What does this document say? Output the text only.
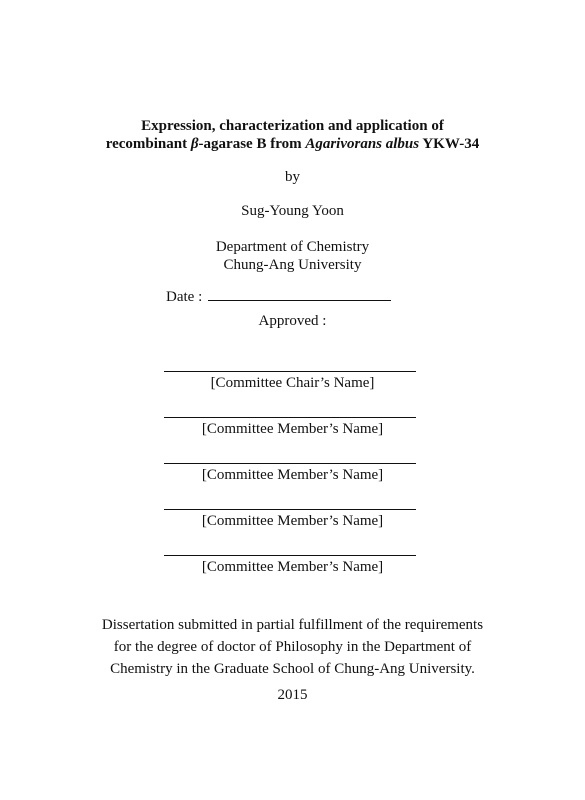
Expression, characterization and application of
recombinant β-agarase B from Agarivorans albus YKW-34
by
Sug-Young Yoon
Department of Chemistry
Chung-Ang University
Date :
Approved :
[Committee Chair’s Name]
[Committee Member’s Name]
[Committee Member’s Name]
[Committee Member’s Name]
[Committee Member’s Name]
Dissertation submitted in partial fulfillment of the requirements
for the degree of doctor of Philosophy in the Department of
Chemistry in the Graduate School of Chung-Ang University.
2015
